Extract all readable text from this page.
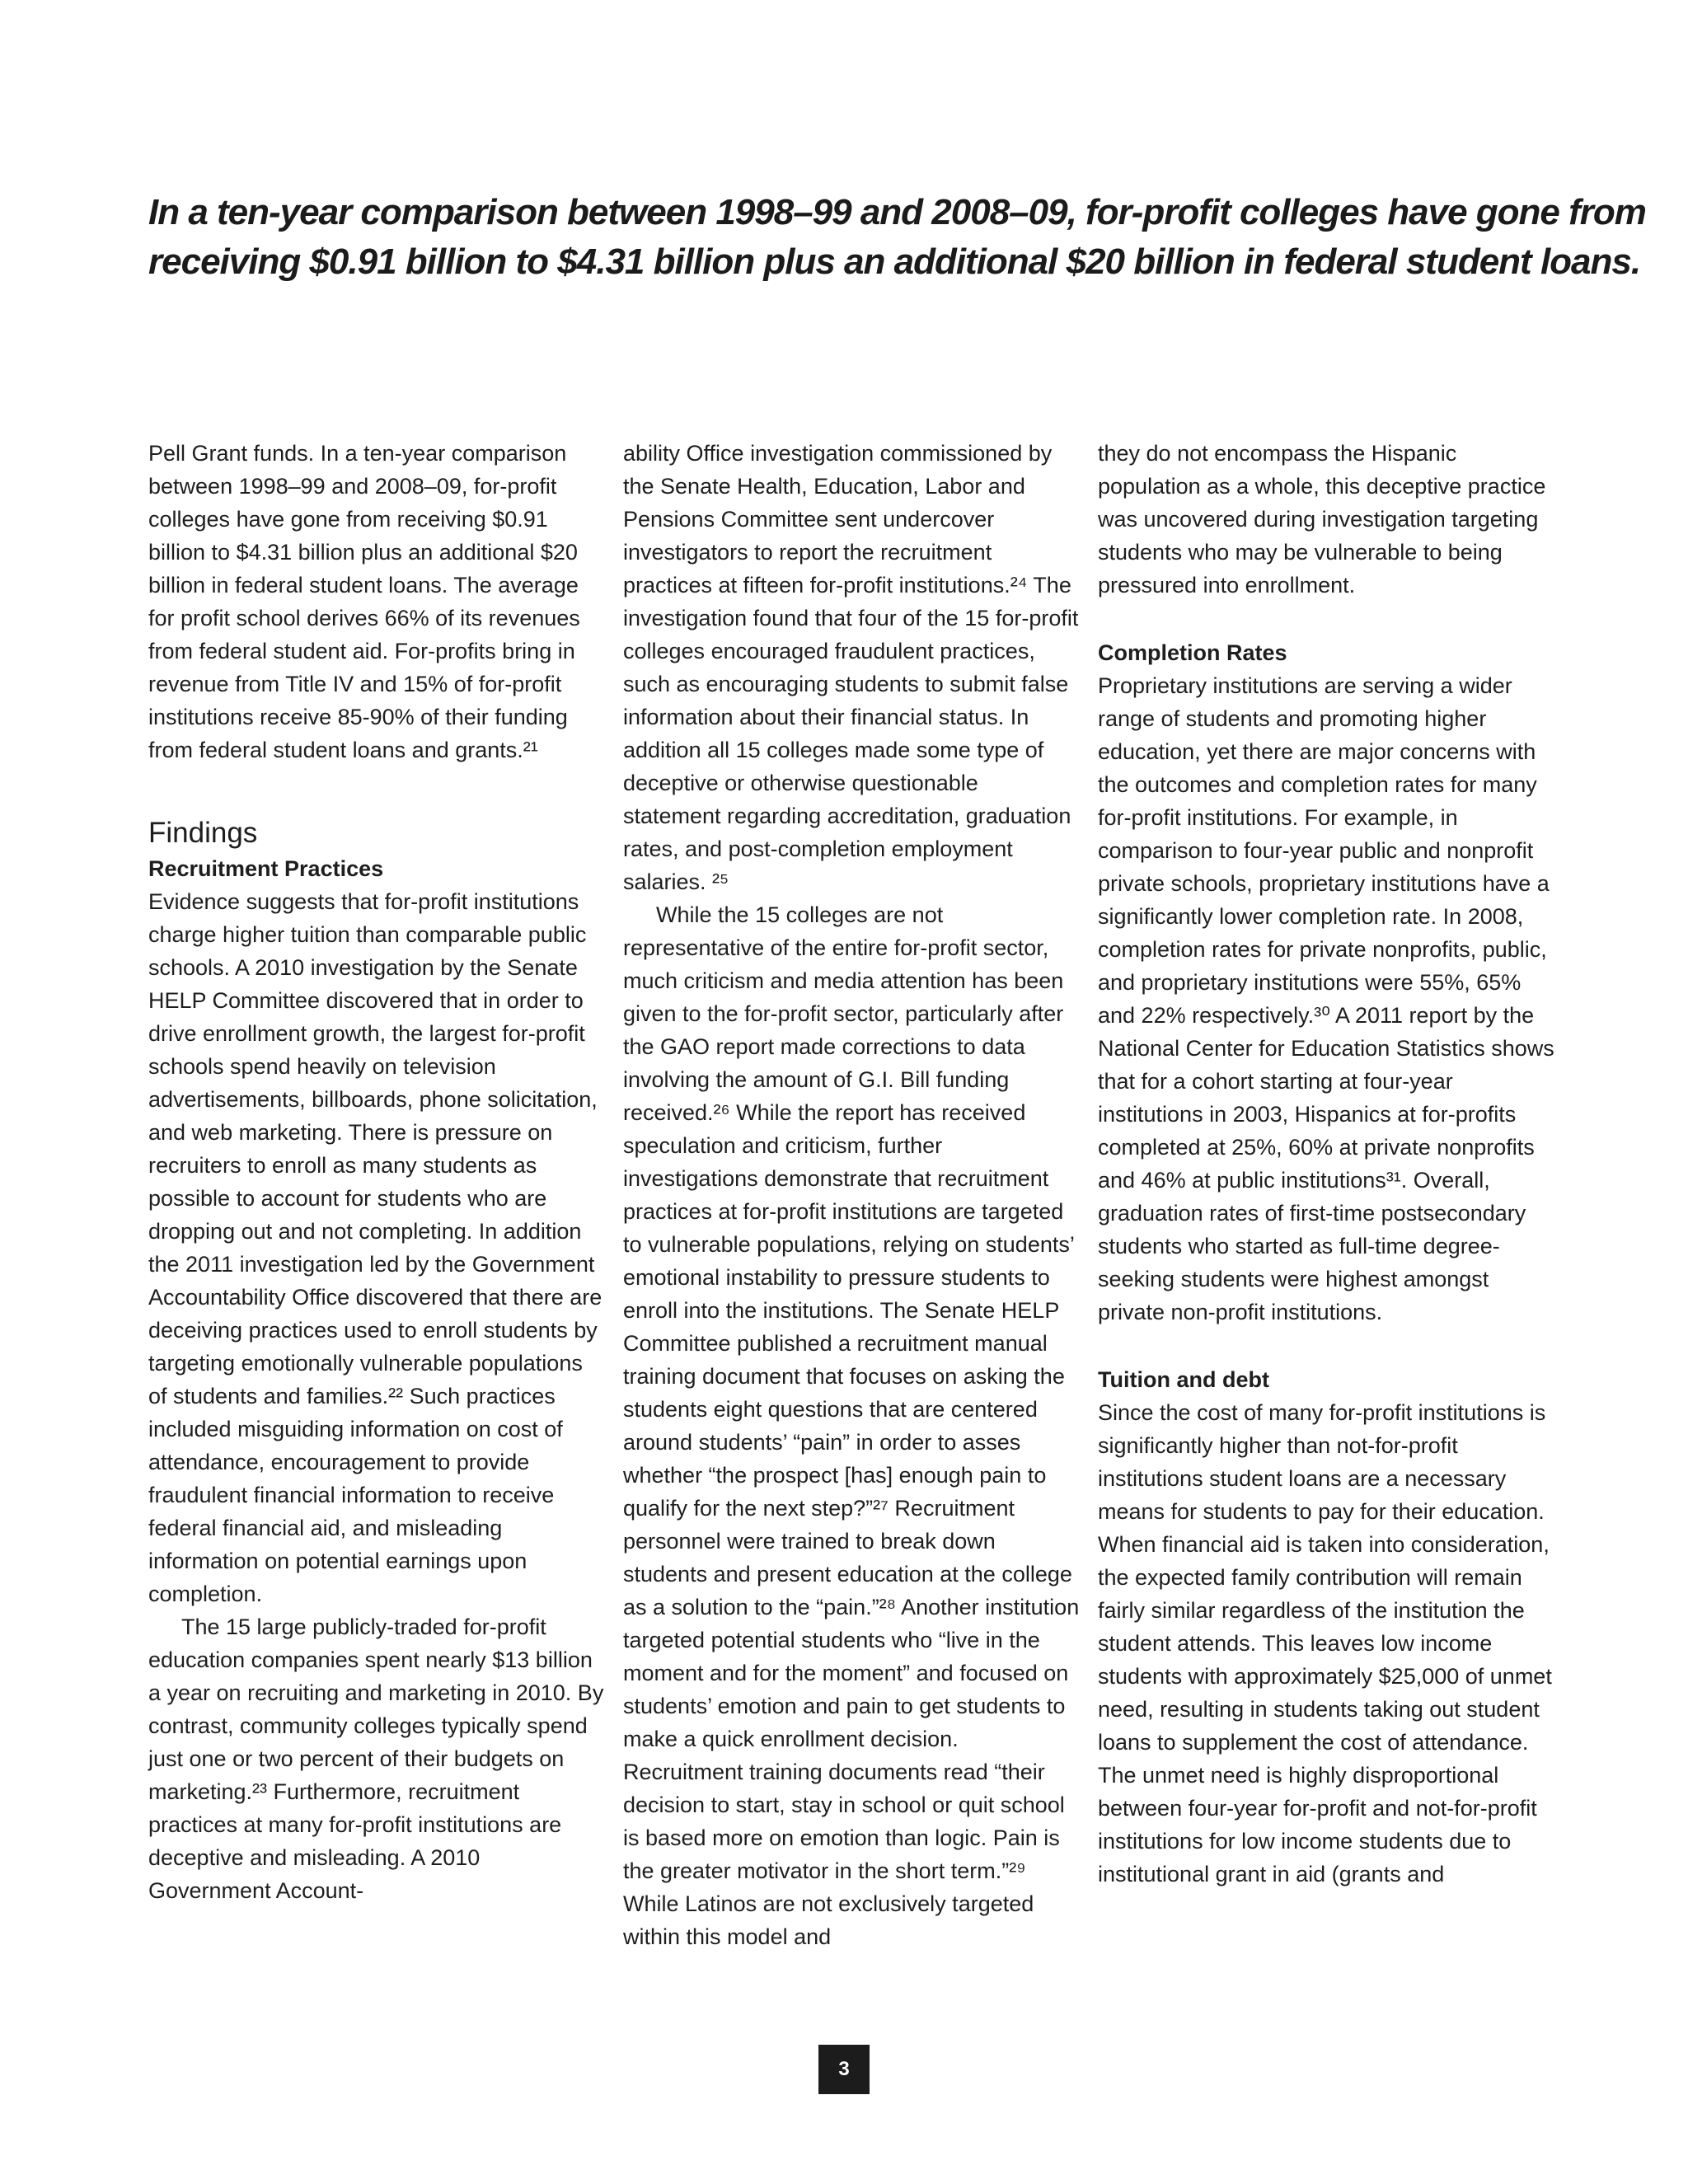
In a ten-year comparison between 1998–99 and 2008–09, for-profit colleges have gone from

receiving $0.91 billion to $4.31 billion plus an additional $20 billion in federal student loans.

Pell Grant funds. In a ten-year comparison between 1998–99 and 2008–09, for-profit colleges have gone from receiving $0.91 billion to $4.31 billion plus an additional $20 billion in federal student loans. The average for profit school derives 66% of its revenues from federal student aid. For-profits bring in revenue from Title IV and 15% of for-profit institutions receive 85-90% of their funding from federal student loans and grants.²¹

Findings
Recruitment Practices

Evidence suggests that for-profit institutions charge higher tuition than comparable public schools. A 2010 investigation by the Senate HELP Committee discovered that in order to drive enrollment growth, the largest for-profit schools spend heavily on television advertisements, billboards, phone solicitation, and web marketing. There is pressure on recruiters to enroll as many students as possible to account for students who are dropping out and not completing. In addition the 2011 investigation led by the Government Accountability Office discovered that there are deceiving practices used to enroll students by targeting emotionally vulnerable populations of students and families.²² Such practices included misguiding information on cost of attendance, encouragement to provide fraudulent financial information to receive federal financial aid, and misleading information on potential earnings upon completion.

The 15 large publicly-traded for-profit education companies spent nearly $13 billion a year on recruiting and marketing in 2010. By contrast, community colleges typically spend just one or two percent of their budgets on marketing.²³ Furthermore, recruitment practices at many for-profit institutions are deceptive and misleading. A 2010 Government Account-

ability Office investigation commissioned by the Senate Health, Education, Labor and Pensions Committee sent undercover investigators to report the recruitment practices at fifteen for-profit institutions.²⁴ The investigation found that four of the 15 for-profit colleges encouraged fraudulent practices, such as encouraging students to submit false information about their financial status. In addition all 15 colleges made some type of deceptive or otherwise questionable statement regarding accreditation, graduation rates, and post-completion employment salaries. ²⁵

While the 15 colleges are not representative of the entire for-profit sector, much criticism and media attention has been given to the for-profit sector, particularly after the GAO report made corrections to data involving the amount of G.I. Bill funding received.²⁶ While the report has received speculation and criticism, further investigations demonstrate that recruitment practices at for-profit institutions are targeted to vulnerable populations, relying on students’ emotional instability to pressure students to enroll into the institutions. The Senate HELP Committee published a recruitment manual training document that focuses on asking the students eight questions that are centered around students’ “pain” in order to asses whether “the prospect [has] enough pain to qualify for the next step?”²⁷ Recruitment personnel were trained to break down students and present education at the college as a solution to the “pain.”²⁸ Another institution targeted potential students who “live in the moment and for the moment” and focused on students’ emotion and pain to get students to make a quick enrollment decision. Recruitment training documents read “their decision to start, stay in school or quit school is based more on emotion than logic. Pain is the greater motivator in the short term.”²⁹ While Latinos are not exclusively targeted within this model and

they do not encompass the Hispanic population as a whole, this deceptive practice was uncovered during investigation targeting students who may be vulnerable to being pressured into enrollment.

Completion Rates

Proprietary institutions are serving a wider range of students and promoting higher education, yet there are major concerns with the outcomes and completion rates for many for-profit institutions. For example, in comparison to four-year public and nonprofit private schools, proprietary institutions have a significantly lower completion rate. In 2008, completion rates for private nonprofits, public, and proprietary institutions were 55%, 65% and 22% respectively.³⁰ A 2011 report by the National Center for Education Statistics shows that for a cohort starting at four-year institutions in 2003, Hispanics at for-profits completed at 25%, 60% at private nonprofits and 46% at public institutions³¹. Overall, graduation rates of first-time postsecondary students who started as full-time degree-seeking students were highest amongst private non-profit institutions.

Tuition and debt

Since the cost of many for-profit institutions is significantly higher than not-for-profit institutions student loans are a necessary means for students to pay for their education. When financial aid is taken into consideration, the expected family contribution will remain fairly similar regardless of the institution the student attends. This leaves low income students with approximately $25,000 of unmet need, resulting in students taking out student loans to supplement the cost of attendance. The unmet need is highly disproportional between four-year for-profit and not-for-profit institutions for low income students due to institutional grant in aid (grants and

3
